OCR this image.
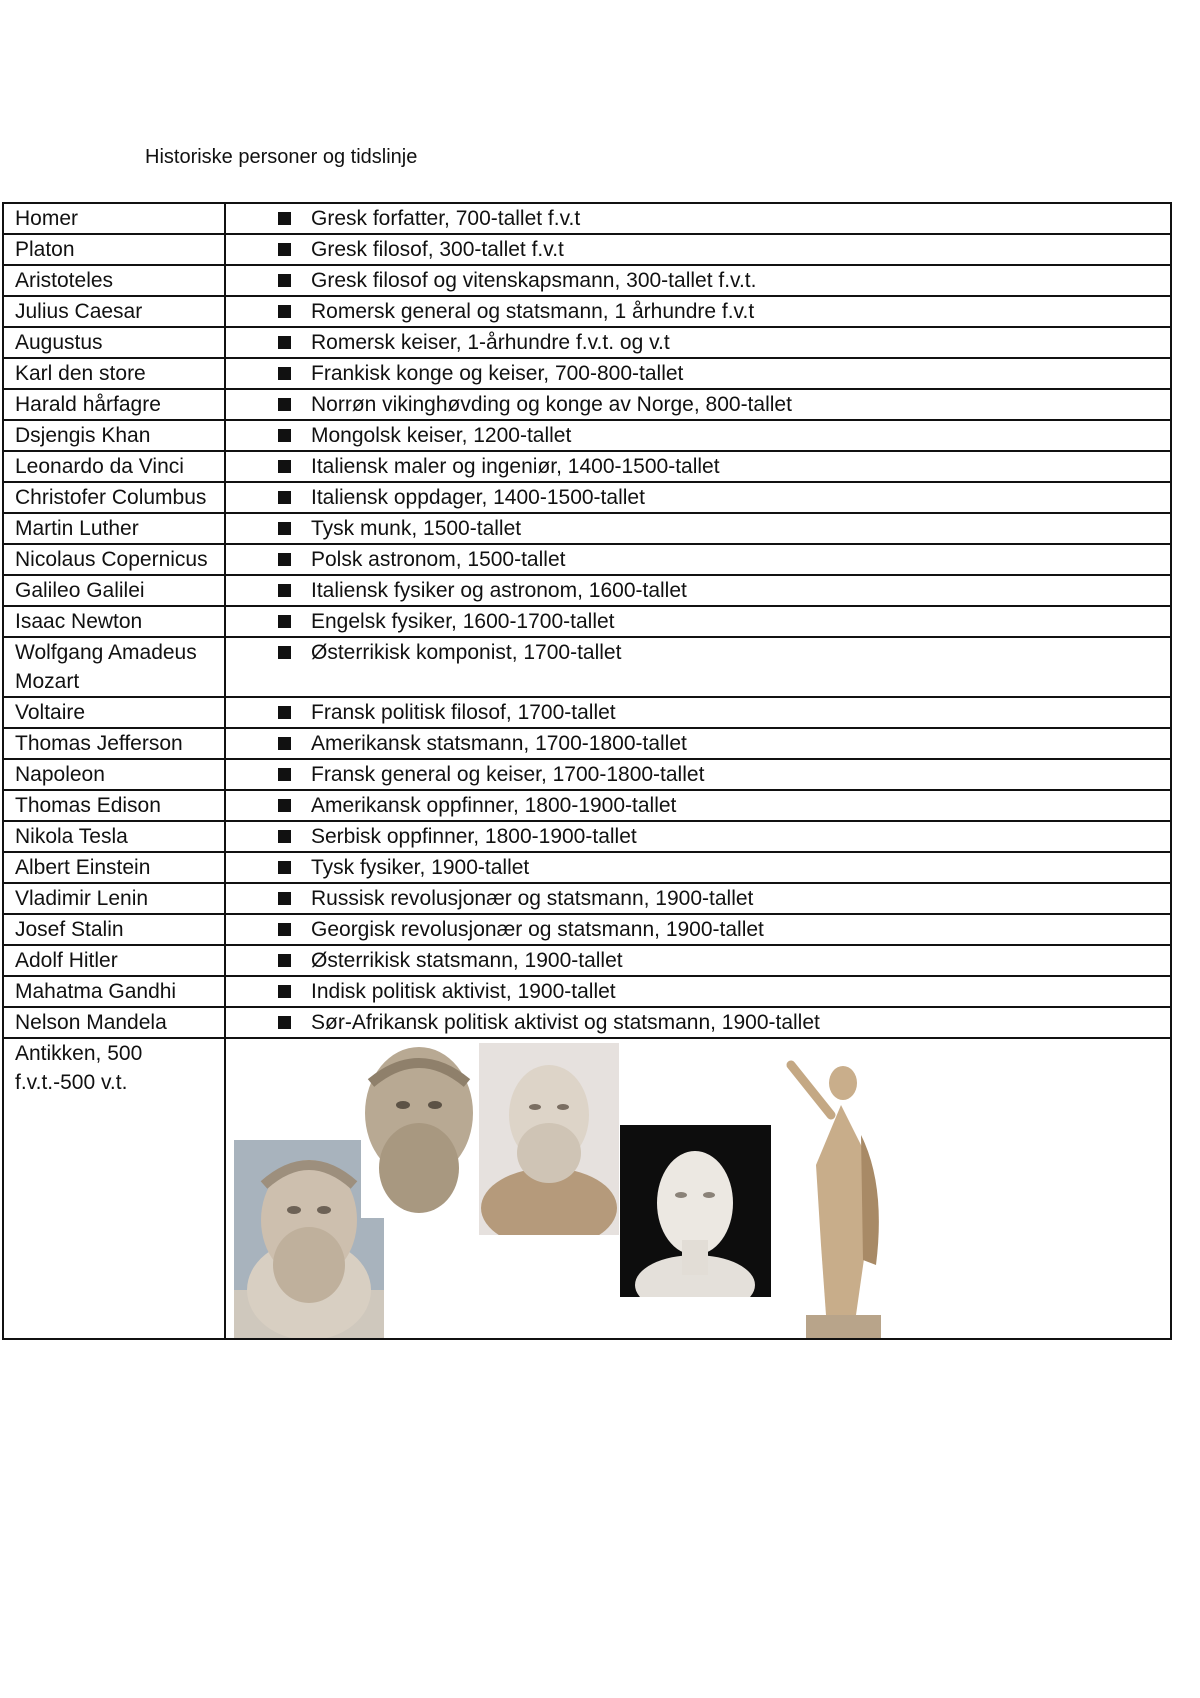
Historiske personer og tidslinje
Homer	Gresk forfatter, 700-tallet f.v.t

Platon	Gresk filosof, 300-tallet f.v.t

Aristoteles	Gresk filosof og vitenskapsmann, 300-tallet f.v.t.

Julius Caesar	Romersk general og statsmann, 1 århundre f.v.t

Augustus	Romersk keiser, 1-århundre f.v.t. og v.t

Karl den store	Frankisk konge og keiser, 700-800-tallet

Harald hårfagre	Norrøn vikinghøvding og konge av Norge, 800-tallet

Dsjengis Khan	Mongolsk keiser, 1200-tallet

Leonardo da Vinci	Italiensk maler og ingeniør, 1400-1500-tallet

Christofer Columbus	Italiensk oppdager, 1400-1500-tallet

Martin Luther	Tysk munk, 1500-tallet

Nicolaus Copernicus	Polsk astronom, 1500-tallet

Galileo Galilei	Italiensk fysiker og astronom, 1600-tallet

Isaac Newton	Engelsk fysiker, 1600-1700-tallet

Wolfgang Amadeus Mozart	Østerrikisk komponist, 1700-tallet

Voltaire	Fransk politisk filosof, 1700-tallet

Thomas Jefferson	Amerikansk statsmann, 1700-1800-tallet

Napoleon	Fransk general og keiser, 1700-1800-tallet

Thomas Edison	Amerikansk oppfinner, 1800-1900-tallet

Nikola Tesla	Serbisk oppfinner, 1800-1900-tallet

Albert Einstein	Tysk fysiker, 1900-tallet

Vladimir Lenin	Russisk revolusjonær og statsmann, 1900-tallet

Josef Stalin	Georgisk revolusjonær og statsmann, 1900-tallet

Adolf Hitler	Østerrikisk statsmann, 1900-tallet

Mahatma Gandhi	Indisk politisk aktivist, 1900-tallet

Nelson Mandela	Sør-Afrikansk politisk aktivist og statsmann, 1900-tallet

Antikken, 500 f.v.t.-500 v.t.	
